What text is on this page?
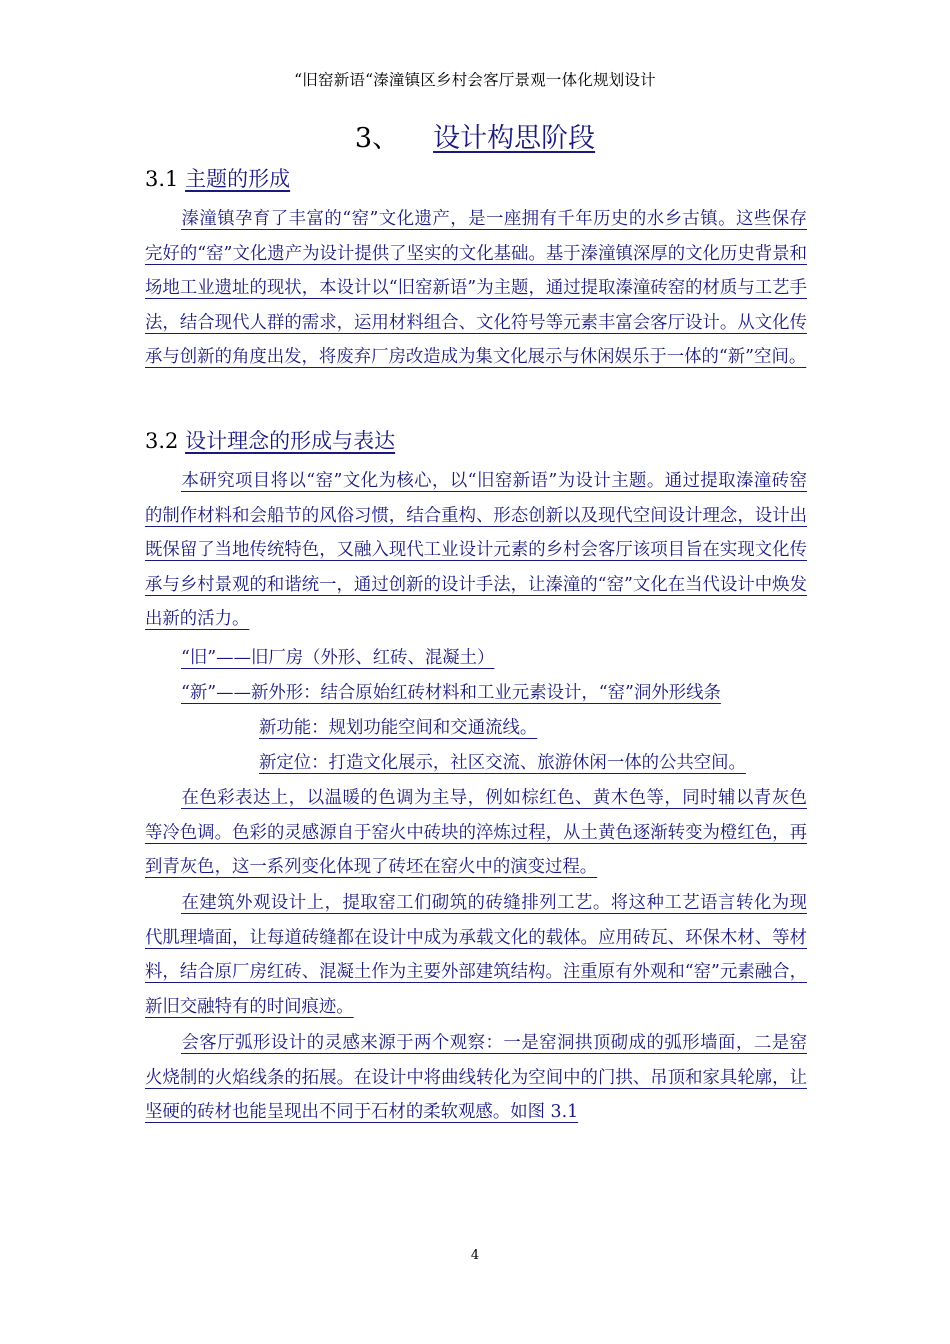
“旧窑新语“溱潼镇区乡村会客厅景观一体化规划设计
3、 设计构思阶段
3.1 主题的形成
溱潼镇孕育了丰富的“窑”文化遗产，是一座拥有千年历史的水乡古镇。这些保存完好的“窑”文化遗产为设计提供了坚实的文化基础。基于溱潼镇深厚的文化历史背景和场地工业遗址的现状，本设计以“旧窑新语”为主题，通过提取溱潼砖窑的材质与工艺手法，结合现代人群的需求，运用材料组合、文化符号等元素丰富会客厅设计。从文化传承与创新的角度出发，将废弃厂房改造成为集文化展示与休闲娱乐于一体的“新”空间。
3.2 设计理念的形成与表达
本研究项目将以“窑”文化为核心，以“旧窑新语”为设计主题。通过提取溱潼砖窑的制作材料和会船节的风俗习惯，结合重构、形态创新以及现代空间设计理念，设计出既保留了当地传统特色，又融入现代工业设计元素的乡村会客厅该项目旨在实现文化传承与乡村景观的和谐统一，通过创新的设计手法，让溱潼的“窑”文化在当代设计中焕发出新的活力。
“旧”——旧厂房（外形、红砖、混凝土）
“新”——新外形：结合原始红砖材料和工业元素设计，“窑”洞外形线条
新功能：规划功能空间和交通流线。
新定位：打造文化展示，社区交流、旅游休闲一体的公共空间。
在色彩表达上，以温暖的色调为主导，例如棕红色、黄木色等，同时辅以青灰色等冷色调。色彩的灵感源自于窑火中砖块的淬炼过程，从土黄色逐渐转变为橙红色，再到青灰色，这一系列变化体现了砖坯在窑火中的演变过程。
在建筑外观设计上，提取窑工们砌筑的砖缝排列工艺。将这种工艺语言转化为现代肌理墙面，让每道砖缝都在设计中成为承载文化的载体。应用砖瓦、环保木材、等材料，结合原厂房红砖、混凝土作为主要外部建筑结构。注重原有外观和“窑”元素融合，新旧交融特有的时间痕迹。
会客厅弧形设计的灵感来源于两个观察：一是窑洞拱顶砌成的弧形墙面，二是窑火烧制的火焰线条的拓展。在设计中将曲线转化为空间中的门拱、吊顶和家具轮廓，让坚硬的砖材也能呈现出不同于石材的柔软观感。如图 3.1
4
